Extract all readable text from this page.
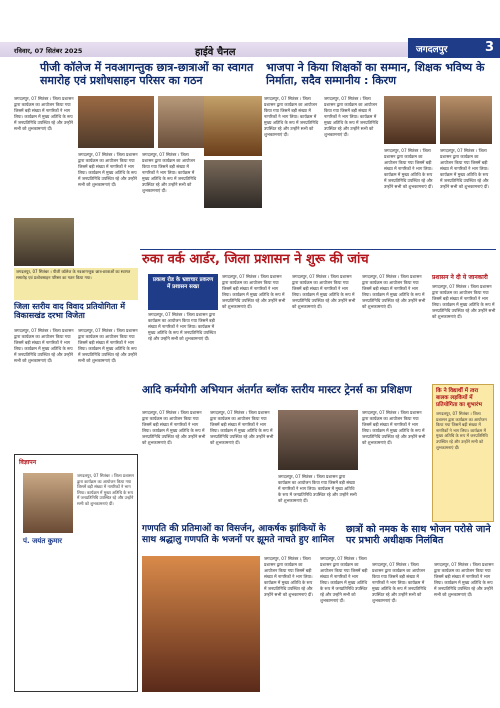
रविवार, 07 सितंबर 2025	हाईवे चैनल	जगदलपुर	3
पीजी कॉलेज में नवआगन्तुक छात्र-छात्राओं का स्वागत समारोह एवं प्रशोधसाहन परिसर का गठन
जगदलपुर, 07 सितंबर । जिला प्रशासन द्वारा कार्यक्रम का आयोजन किया गया जिसमें बड़ी संख्या में नागरिकों ने भाग लिया। कार्यक्रम में मुख्य अतिथि के रूप में जनप्रतिनिधि उपस्थित रहे और उन्होंने सभी को शुभकामनाएं दीं।
जगदलपुर, 07 सितंबर । जिला प्रशासन द्वारा कार्यक्रम का आयोजन किया गया जिसमें बड़ी संख्या में नागरिकों ने भाग लिया। कार्यक्रम में मुख्य अतिथि के रूप में जनप्रतिनिधि उपस्थित रहे और उन्होंने सभी को शुभकामनाएं दीं।
जगदलपुर, 07 सितंबर । जिला प्रशासन द्वारा कार्यक्रम का आयोजन किया गया जिसमें बड़ी संख्या में नागरिकों ने भाग लिया। कार्यक्रम में मुख्य अतिथि के रूप में जनप्रतिनिधि उपस्थित रहे और उन्होंने सभी को शुभकामनाएं दीं।
जगदलपुर, 07 सितंबर । पीजी कॉलेज के नवआगन्तुक छात्र-छात्राओं का स्वागत समारोह एवं प्रशोधसाहन परिसर का गठन किया गया।
भाजपा ने किया शिक्षकों का सम्मान, शिक्षक भविष्य के निर्माता, सदैव सम्मानीय : किरण
जगदलपुर, 07 सितंबर । जिला प्रशासन द्वारा कार्यक्रम का आयोजन किया गया जिसमें बड़ी संख्या में नागरिकों ने भाग लिया। कार्यक्रम में मुख्य अतिथि के रूप में जनप्रतिनिधि उपस्थित रहे और उन्होंने सभी को शुभकामनाएं दीं।
जगदलपुर, 07 सितंबर । जिला प्रशासन द्वारा कार्यक्रम का आयोजन किया गया जिसमें बड़ी संख्या में नागरिकों ने भाग लिया। कार्यक्रम में मुख्य अतिथि के रूप में जनप्रतिनिधि उपस्थित रहे और उन्होंने सभी को शुभकामनाएं दीं।
जगदलपुर, 07 सितंबर । जिला प्रशासन द्वारा कार्यक्रम का आयोजन किया गया जिसमें बड़ी संख्या में नागरिकों ने भाग लिया। कार्यक्रम में मुख्य अतिथि के रूप में जनप्रतिनिधि उपस्थित रहे और उन्होंने सभी को शुभकामनाएं दीं।
जगदलपुर, 07 सितंबर । जिला प्रशासन द्वारा कार्यक्रम का आयोजन किया गया जिसमें बड़ी संख्या में नागरिकों ने भाग लिया। कार्यक्रम में मुख्य अतिथि के रूप में जनप्रतिनिधि उपस्थित रहे और उन्होंने सभी को शुभकामनाएं दीं।
रुका वर्क आर्डर, जिला प्रशासन ने शुरू की जांच
प्रकाश रोड के भ्रष्टाचार प्रकरण में प्रशासन सख्त
जगदलपुर, 07 सितंबर । जिला प्रशासन द्वारा कार्यक्रम का आयोजन किया गया जिसमें बड़ी संख्या में नागरिकों ने भाग लिया। कार्यक्रम में मुख्य अतिथि के रूप में जनप्रतिनिधि उपस्थित रहे और उन्होंने सभी को शुभकामनाएं दीं।
जगदलपुर, 07 सितंबर । जिला प्रशासन द्वारा कार्यक्रम का आयोजन किया गया जिसमें बड़ी संख्या में नागरिकों ने भाग लिया। कार्यक्रम में मुख्य अतिथि के रूप में जनप्रतिनिधि उपस्थित रहे और उन्होंने सभी को शुभकामनाएं दीं।
जगदलपुर, 07 सितंबर । जिला प्रशासन द्वारा कार्यक्रम का आयोजन किया गया जिसमें बड़ी संख्या में नागरिकों ने भाग लिया। कार्यक्रम में मुख्य अतिथि के रूप में जनप्रतिनिधि उपस्थित रहे और उन्होंने सभी को शुभकामनाएं दीं।
जगदलपुर, 07 सितंबर । जिला प्रशासन द्वारा कार्यक्रम का आयोजन किया गया जिसमें बड़ी संख्या में नागरिकों ने भाग लिया। कार्यक्रम में मुख्य अतिथि के रूप में जनप्रतिनिधि उपस्थित रहे और उन्होंने सभी को शुभकामनाएं दीं।
प्रशासन ने दी ये जानकारी
जगदलपुर, 07 सितंबर । जिला प्रशासन द्वारा कार्यक्रम का आयोजन किया गया जिसमें बड़ी संख्या में नागरिकों ने भाग लिया। कार्यक्रम में मुख्य अतिथि के रूप में जनप्रतिनिधि उपस्थित रहे और उन्होंने सभी को शुभकामनाएं दीं।
जिला स्तरीय वाद विवाद प्रतियोगिता में विकासखंड दरभा विजेता
जगदलपुर, 07 सितंबर । जिला प्रशासन द्वारा कार्यक्रम का आयोजन किया गया जिसमें बड़ी संख्या में नागरिकों ने भाग लिया। कार्यक्रम में मुख्य अतिथि के रूप में जनप्रतिनिधि उपस्थित रहे और उन्होंने सभी को शुभकामनाएं दीं।
जगदलपुर, 07 सितंबर । जिला प्रशासन द्वारा कार्यक्रम का आयोजन किया गया जिसमें बड़ी संख्या में नागरिकों ने भाग लिया। कार्यक्रम में मुख्य अतिथि के रूप में जनप्रतिनिधि उपस्थित रहे और उन्होंने सभी को शुभकामनाएं दीं।
आदि कर्मयोगी अभियान अंतर्गत ब्लॉक स्तरीय मास्टर ट्रेनर्स का प्रशिक्षण
जगदलपुर, 07 सितंबर । जिला प्रशासन द्वारा कार्यक्रम का आयोजन किया गया जिसमें बड़ी संख्या में नागरिकों ने भाग लिया। कार्यक्रम में मुख्य अतिथि के रूप में जनप्रतिनिधि उपस्थित रहे और उन्होंने सभी को शुभकामनाएं दीं।
जगदलपुर, 07 सितंबर । जिला प्रशासन द्वारा कार्यक्रम का आयोजन किया गया जिसमें बड़ी संख्या में नागरिकों ने भाग लिया। कार्यक्रम में मुख्य अतिथि के रूप में जनप्रतिनिधि उपस्थित रहे और उन्होंने सभी को शुभकामनाएं दीं।
जगदलपुर, 07 सितंबर । जिला प्रशासन द्वारा कार्यक्रम का आयोजन किया गया जिसमें बड़ी संख्या में नागरिकों ने भाग लिया। कार्यक्रम में मुख्य अतिथि के रूप में जनप्रतिनिधि उपस्थित रहे और उन्होंने सभी को शुभकामनाएं दीं।
जगदलपुर, 07 सितंबर । जिला प्रशासन द्वारा कार्यक्रम का आयोजन किया गया जिसमें बड़ी संख्या में नागरिकों ने भाग लिया। कार्यक्रम में मुख्य अतिथि के रूप में जनप्रतिनिधि उपस्थित रहे और उन्होंने सभी को शुभकामनाएं दीं।
कि ने विद्यार्थी में त्वरा बालक लड़कियों में प्रतियोगिता का शुभारंभ
जगदलपुर, 07 सितंबर । जिला प्रशासन द्वारा कार्यक्रम का आयोजन किया गया जिसमें बड़ी संख्या में नागरिकों ने भाग लिया। कार्यक्रम में मुख्य अतिथि के रूप में जनप्रतिनिधि उपस्थित रहे और उन्होंने सभी को शुभकामनाएं दीं।
विज्ञापन
पं. जयंत कुमार
जगदलपुर, 07 सितंबर । जिला प्रशासन द्वारा कार्यक्रम का आयोजन किया गया जिसमें बड़ी संख्या में नागरिकों ने भाग लिया। कार्यक्रम में मुख्य अतिथि के रूप में जनप्रतिनिधि उपस्थित रहे और उन्होंने सभी को शुभकामनाएं दीं।
गणपति की प्रतिमाओं का विसर्जन, आकर्षक झांकियों के साथ श्रद्धालु गणपति के भजनों पर झूमते नाचते हुए शामिल
जगदलपुर, 07 सितंबर । जिला प्रशासन द्वारा कार्यक्रम का आयोजन किया गया जिसमें बड़ी संख्या में नागरिकों ने भाग लिया। कार्यक्रम में मुख्य अतिथि के रूप में जनप्रतिनिधि उपस्थित रहे और उन्होंने सभी को शुभकामनाएं दीं।
जगदलपुर, 07 सितंबर । जिला प्रशासन द्वारा कार्यक्रम का आयोजन किया गया जिसमें बड़ी संख्या में नागरिकों ने भाग लिया। कार्यक्रम में मुख्य अतिथि के रूप में जनप्रतिनिधि उपस्थित रहे और उन्होंने सभी को शुभकामनाएं दीं।
छात्रों को नमक के साथ भोजन परोसे जाने पर प्रभारी अधीक्षक निलंबित
जगदलपुर, 07 सितंबर । जिला प्रशासन द्वारा कार्यक्रम का आयोजन किया गया जिसमें बड़ी संख्या में नागरिकों ने भाग लिया। कार्यक्रम में मुख्य अतिथि के रूप में जनप्रतिनिधि उपस्थित रहे और उन्होंने सभी को शुभकामनाएं दीं।
जगदलपुर, 07 सितंबर । जिला प्रशासन द्वारा कार्यक्रम का आयोजन किया गया जिसमें बड़ी संख्या में नागरिकों ने भाग लिया। कार्यक्रम में मुख्य अतिथि के रूप में जनप्रतिनिधि उपस्थित रहे और उन्होंने सभी को शुभकामनाएं दीं।
